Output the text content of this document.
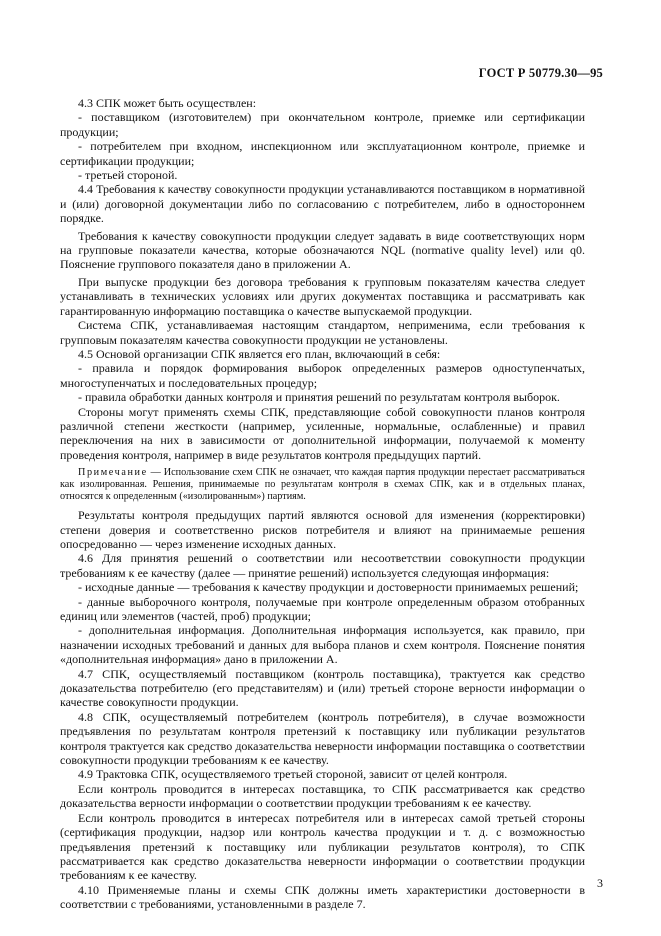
ГОСТ Р 50779.30—95

4.3 СПК может быть осуществлен:

- поставщиком (изготовителем) при окончательном контроле, приемке или сертификации продукции;

- потребителем при входном, инспекционном или эксплуатационном контроле, приемке и сертификации продукции;

- третьей стороной.

4.4 Требования к качеству совокупности продукции устанавливаются поставщиком в нормативной и (или) договорной документации либо по согласованию с потребителем, либо в одностороннем порядке.

Требования к качеству совокупности продукции следует задавать в виде соответствующих норм на групповые показатели качества, которые обозначаются NQL (normative quality level) или q0. Пояснение группового показателя дано в приложении А.

При выпуске продукции без договора требования к групповым показателям качества следует устанавливать в технических условиях или других документах поставщика и рассматривать как гарантированную информацию поставщика о качестве выпускаемой продукции.

Система СПК, устанавливаемая настоящим стандартом, неприменима, если требования к групповым показателям качества совокупности продукции не установлены.

4.5 Основой организации СПК является его план, включающий в себя:

- правила и порядок формирования выборок определенных размеров одноступенчатых, многоступенчатых и последовательных процедур;

- правила обработки данных контроля и принятия решений по результатам контроля выборок.

Стороны могут применять схемы СПК, представляющие собой совокупности планов контроля различной степени жесткости (например, усиленные, нормальные, ослабленные) и правил переключения на них в зависимости от дополнительной информации, получаемой к моменту проведения контроля, например в виде результатов контроля предыдущих партий.

Примечание — Использование схем СПК не означает, что каждая партия продукции перестает рассматриваться как изолированная. Решения, принимаемые по результатам контроля в схемах СПК, как и в отдельных планах, относятся к определенным («изолированным») партиям.

Результаты контроля предыдущих партий являются основой для изменения (корректировки) степени доверия и соответственно рисков потребителя и влияют на принимаемые решения опосредованно — через изменение исходных данных.

4.6 Для принятия решений о соответствии или несоответствии совокупности продукции требованиям к ее качеству (далее — принятие решений) используется следующая информация:

- исходные данные — требования к качеству продукции и достоверности принимаемых решений;

- данные выборочного контроля, получаемые при контроле определенным образом отобранных единиц или элементов (частей, проб) продукции;

- дополнительная информация. Дополнительная информация используется, как правило, при назначении исходных требований и данных для выбора планов и схем контроля. Пояснение понятия «дополнительная информация» дано в приложении А.

4.7 СПК, осуществляемый поставщиком (контроль поставщика), трактуется как средство доказательства потребителю (его представителям) и (или) третьей стороне верности информации о качестве совокупности продукции.

4.8 СПК, осуществляемый потребителем (контроль потребителя), в случае возможности предъявления по результатам контроля претензий к поставщику или публикации результатов контроля трактуется как средство доказательства неверности информации поставщика о соответствии совокупности продукции требованиям к ее качеству.

4.9 Трактовка СПК, осуществляемого третьей стороной, зависит от целей контроля.

Если контроль проводится в интересах поставщика, то СПК рассматривается как средство доказательства верности информации о соответствии продукции требованиям к ее качеству.

Если контроль проводится в интересах потребителя или в интересах самой третьей стороны (сертификация продукции, надзор или контроль качества продукции и т. д. с возможностью предъявления претензий к поставщику или публикации результатов контроля), то СПК рассматривается как средство доказательства неверности информации о соответствии продукции требованиям к ее качеству.

4.10 Применяемые планы и схемы СПК должны иметь характеристики достоверности в соответствии с требованиями, установленными в разделе 7.

3
